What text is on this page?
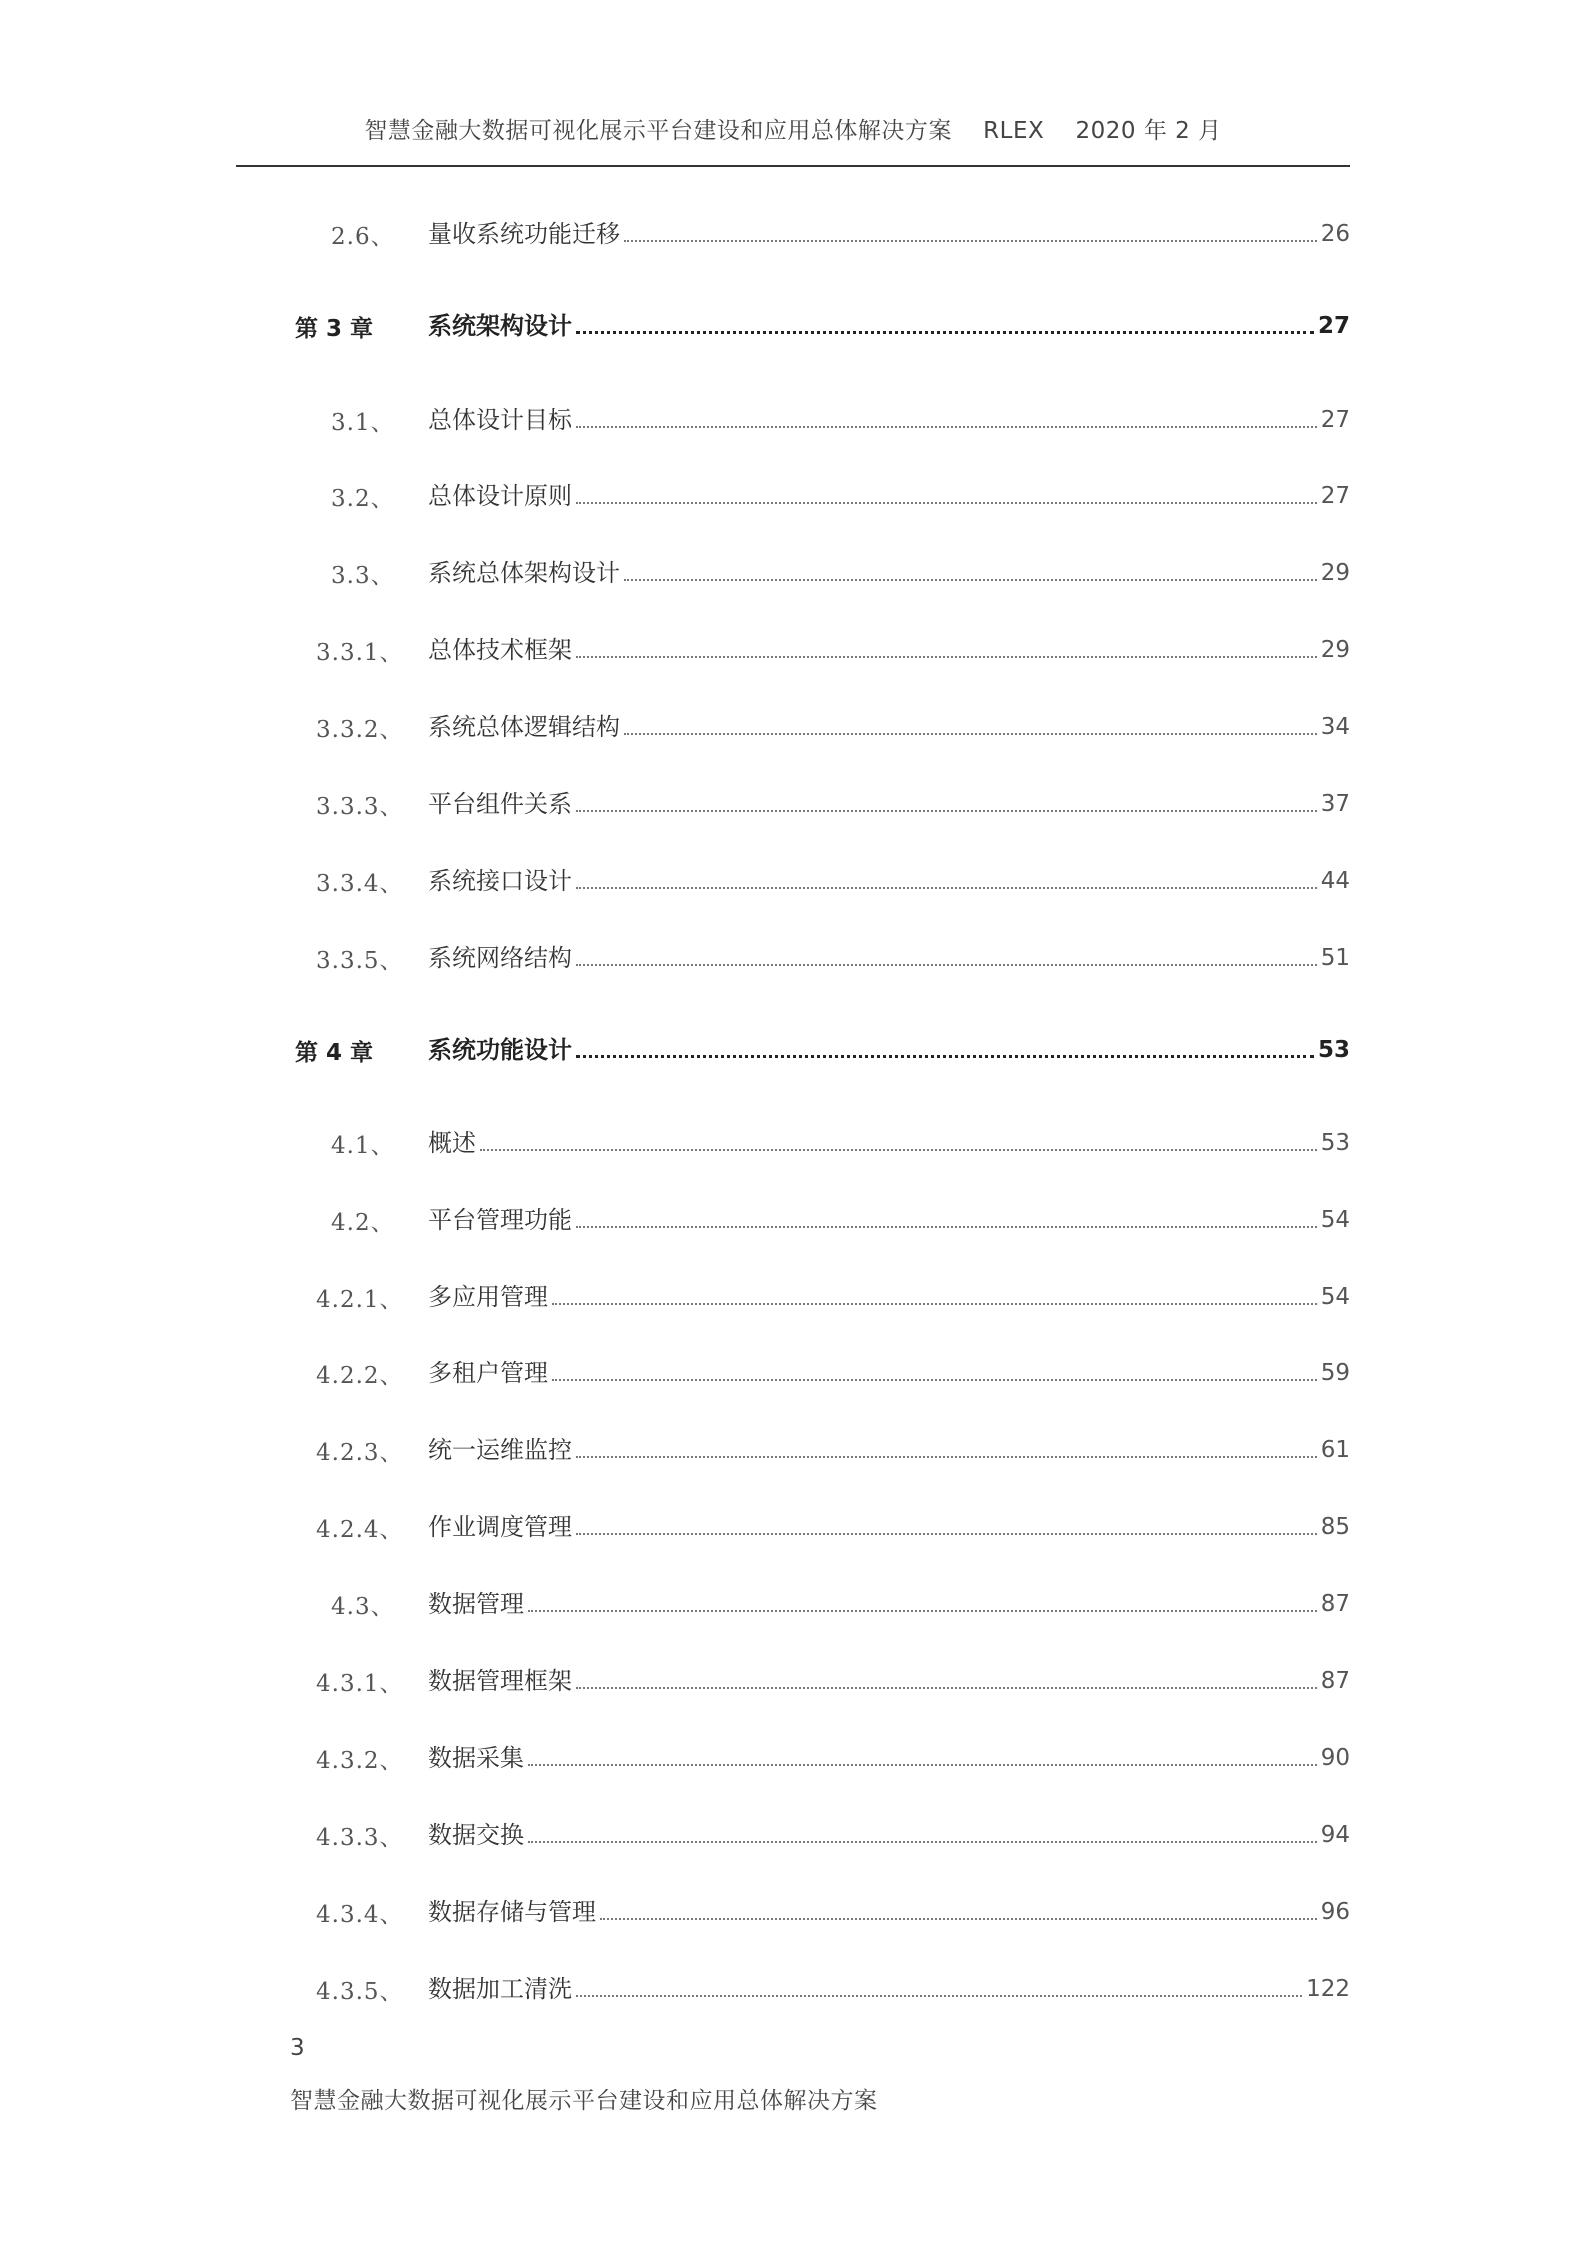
智慧金融大数据可视化展示平台建设和应用总体解决方案    RLEX    2020 年 2 月
2.6、 量收系统功能迁移	26
第 3 章 系统架构设计	27
3.1、 总体设计目标	27
3.2、 总体设计原则	27
3.3、 系统总体架构设计	29
3.3.1、 总体技术框架	29
3.3.2、 系统总体逻辑结构	34
3.3.3、 平台组件关系	37
3.3.4、 系统接口设计	44
3.3.5、 系统网络结构	51
第 4 章 系统功能设计	53
4.1、 概述	53
4.2、 平台管理功能	54
4.2.1、 多应用管理	54
4.2.2、 多租户管理	59
4.2.3、 统一运维监控	61
4.2.4、 作业调度管理	85
4.3、 数据管理	87
4.3.1、 数据管理框架	87
4.3.2、 数据采集	90
4.3.3、 数据交换	94
4.3.4、 数据存储与管理	96
4.3.5、 数据加工清洗	122
3
智慧金融大数据可视化展示平台建设和应用总体解决方案
